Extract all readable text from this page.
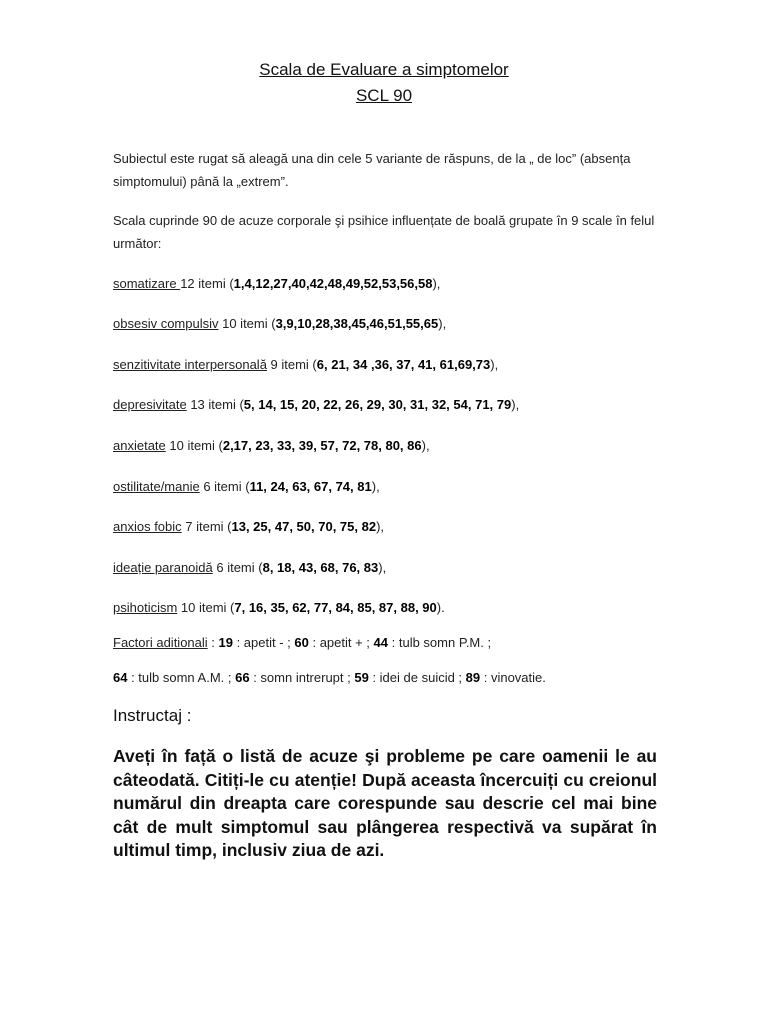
Scala de Evaluare a simptomelor
SCL 90
Subiectul este rugat să aleagă una din cele 5 variante de răspuns, de la „ de loc” (absența simptomului) până la „extrem”.
Scala cuprinde 90 de acuze corporale şi psihice influențate de boală grupate în 9 scale în felul următor:
somatizare 12 itemi (1,4,12,27,40,42,48,49,52,53,56,58),
obsesiv compulsiv 10 itemi (3,9,10,28,38,45,46,51,55,65),
senzitivitate interpersonală 9 itemi (6, 21, 34 ,36, 37, 41, 61,69,73),
depresivitate 13 itemi (5, 14, 15, 20, 22, 26, 29, 30, 31, 32, 54, 71, 79),
anxietate 10 itemi (2,17, 23, 33, 39, 57, 72, 78, 80, 86),
ostilitate/manie 6 itemi (11, 24, 63, 67, 74, 81),
anxios fobic 7 itemi (13, 25, 47, 50, 70, 75, 82),
ideație paranoidă 6 itemi (8, 18, 43, 68, 76, 83),
psihoticism 10 itemi (7, 16, 35, 62, 77, 84, 85, 87, 88, 90).
Factori aditionali : 19 : apetit - ; 60 : apetit + ; 44 : tulb somn P.M. ;
64 : tulb somn A.M. ; 66 : somn intrerupt ; 59 : idei de suicid ; 89 : vinovatie.
Instructaj :
Aveți în față o listă de acuze şi probleme pe care oamenii le au câteodată. Citiți-le cu atenție! După aceasta încercuiți cu creionul numărul din dreapta care corespunde sau descrie cel mai bine cât de mult simptomul sau plângerea respectivă va supărat în ultimul timp, inclusiv ziua de azi.
